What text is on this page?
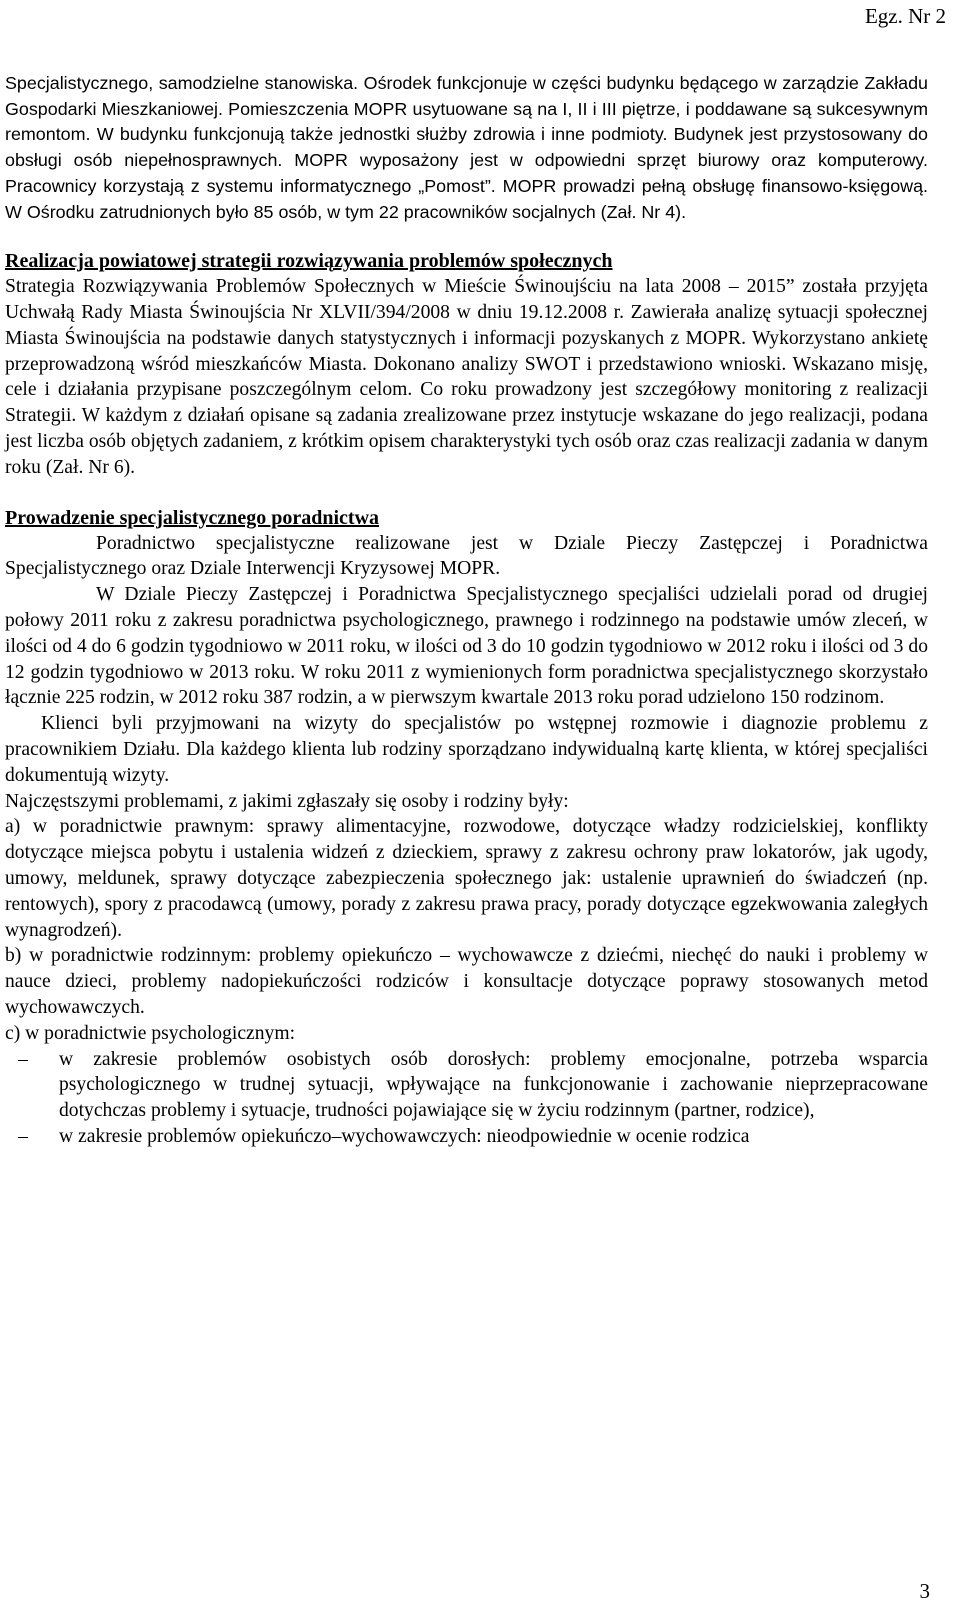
Egz. Nr 2

Specjalistycznego, samodzielne stanowiska. Ośrodek funkcjonuje w części budynku będącego w zarządzie Zakładu Gospodarki Mieszkaniowej. Pomieszczenia MOPR usytuowane są na I, II i III piętrze, i poddawane są sukcesywnym remontom. W budynku funkcjonują także jednostki służby zdrowia i inne podmioty. Budynek jest przystosowany do obsługi osób niepełnosprawnych. MOPR wyposażony jest w odpowiedni sprzęt biurowy oraz komputerowy. Pracownicy korzystają z systemu informatycznego „Pomost”. MOPR prowadzi pełną obsługę finansowo-księgową. W Ośrodku zatrudnionych było 85 osób, w tym 22 pracowników socjalnych (Zał. Nr 4).

Realizacja powiatowej strategii rozwiązywania problemów społecznych

Strategia Rozwiązywania Problemów Społecznych w Mieście Świnoujściu na lata 2008 – 2015” została przyjęta Uchwałą Rady Miasta Świnoujścia Nr XLVII/394/2008 w dniu 19.12.2008 r. Zawierała analizę sytuacji społecznej Miasta Świnoujścia na podstawie danych statystycznych i informacji pozyskanych z MOPR. Wykorzystano ankietę przeprowadzoną wśród mieszkańców Miasta. Dokonano analizy SWOT i przedstawiono wnioski. Wskazano misję, cele i działania przypisane poszczególnym celom. Co roku prowadzony jest szczegółowy monitoring z realizacji Strategii. W każdym z działań opisane są zadania zrealizowane przez instytucje wskazane do jego realizacji, podana jest liczba osób objętych zadaniem, z krótkim opisem charakterystyki tych osób oraz czas realizacji zadania w danym roku (Zał. Nr 6).

Prowadzenie specjalistycznego poradnictwa

Poradnictwo specjalistyczne realizowane jest w Dziale Pieczy Zastępczej i Poradnictwa Specjalistycznego oraz Dziale Interwencji Kryzysowej MOPR.

W Dziale Pieczy Zastępczej i Poradnictwa Specjalistycznego specjaliści udzielali porad od drugiej połowy 2011 roku z zakresu poradnictwa psychologicznego, prawnego i rodzinnego na podstawie umów zleceń, w ilości od 4 do 6 godzin tygodniowo w 2011 roku, w ilości od 3 do 10 godzin tygodniowo w 2012 roku i ilości od 3 do 12 godzin tygodniowo w 2013 roku. W roku 2011 z wymienionych form poradnictwa specjalistycznego skorzystało łącznie 225 rodzin, w 2012 roku 387 rodzin, a w pierwszym kwartale 2013 roku porad udzielono 150 rodzinom.

Klienci byli przyjmowani na wizyty do specjalistów po wstępnej rozmowie i diagnozie problemu z pracownikiem Działu. Dla każdego klienta lub rodziny sporządzano indywidualną kartę klienta, w której specjaliści dokumentują wizyty.

Najczęstszymi problemami, z jakimi zgłaszały się osoby i rodziny były:

a) w poradnictwie prawnym: sprawy alimentacyjne, rozwodowe, dotyczące władzy rodzicielskiej, konflikty dotyczące miejsca pobytu i ustalenia widzeń z dzieckiem, sprawy z zakresu ochrony praw lokatorów, jak ugody, umowy, meldunek, sprawy dotyczące zabezpieczenia społecznego jak: ustalenie uprawnień do świadczeń (np. rentowych), spory z pracodawcą (umowy, porady z zakresu prawa pracy, porady dotyczące egzekwowania zaległych wynagrodzeń).

b) w poradnictwie rodzinnym: problemy opiekuńczo – wychowawcze z dziećmi, niechęć do nauki i problemy w nauce dzieci, problemy nadopiekuńczości rodziców i konsultacje dotyczące poprawy stosowanych metod wychowawczych.

c) w poradnictwie psychologicznym:

–	w zakresie problemów osobistych osób dorosłych: problemy emocjonalne, potrzeba wsparcia psychologicznego w trudnej sytuacji, wpływające na funkcjonowanie i zachowanie nieprzepracowane dotychczas problemy i sytuacje, trudności pojawiające się w życiu rodzinnym (partner, rodzice),
–	w zakresie problemów opiekuńczo–wychowawczych: nieodpowiednie w ocenie rodzica
3
